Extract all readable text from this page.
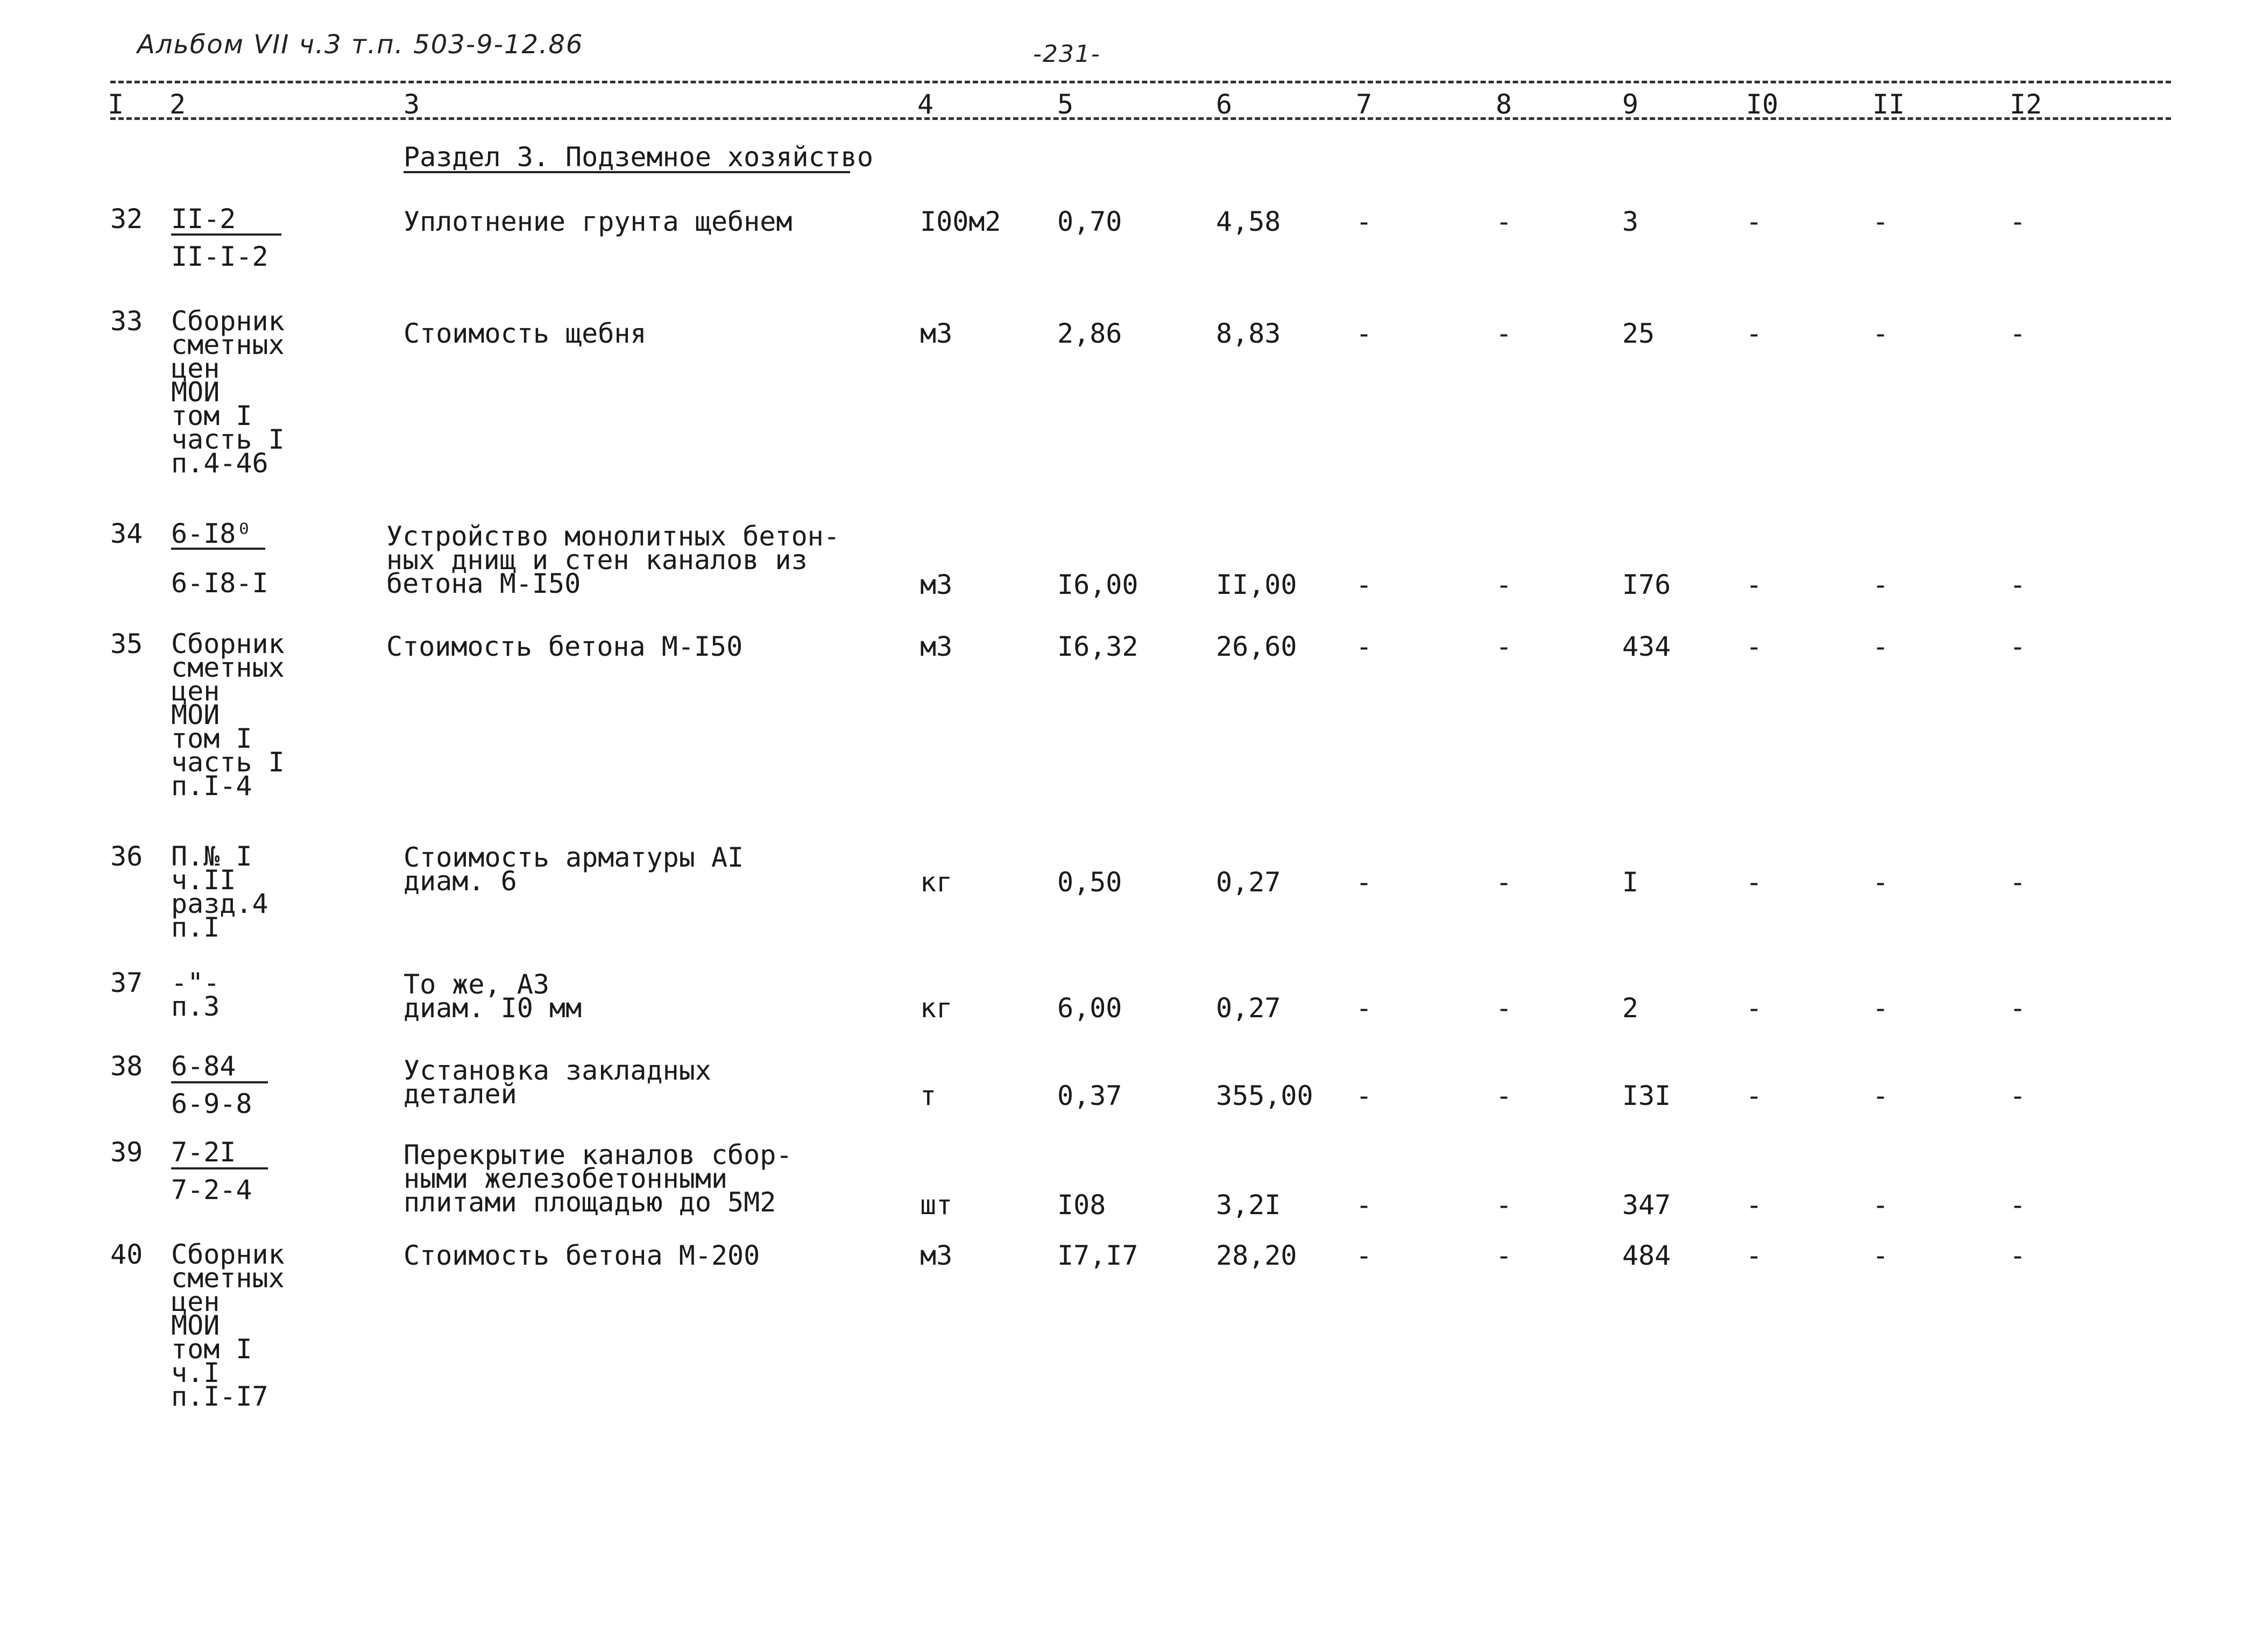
Альбом VII ч.3 т.п. 503-9-12.86	-231-
I 2	3	4	5	6	7	8	9	I0	II	I2
Раздел 3. Подземное хозяйство
32 II-2
II-I-2
Уплотнение грунта щебнем	I00м2 0,70	4,58	-	-	3	-	-	-
33 Сборник
сметных
цен
МОИ
том I
часть I
п.4-46
Стоимость щебня	м3	2,86	8,83	-	-	25	-	-	-
34 6-I8⁰
6-I8-I
Устройство монолитных бетон-
ных днищ и стен каналов из
бетона М-I50	м3	I6,00	II,00 -	-	I76	-	-	-
35 Сборник
сметных
цен
МОИ
том I
часть I
п.I-4
Стоимость бетона М-I50	м3	I6,32	26,60 -	-	434	-	-	-
36 П.№ I
ч.II
разд.4
п.I
Стоимость арматуры АI
диам. 6	кг	0,50	0,27	-	-	I	-	-	-
37 -"-
п.3
То же, А3
диам. I0 мм	кг	6,00	0,27	-	-	2	-	-	-
38 6-84
6-9-8
Установка закладных
деталей	т	0,37	355,00 -	-	I3I	-	-	-
39 7-2I
7-2-4
Перекрытие каналов сбор-
ными железобетонными
плитами площадью до 5М2	шт	I08	3,2I	-	-	347	-	-	-
40 Сборник
сметных
цен
МОИ
том I
ч.I
п.I-I7
Стоимость бетона М-200	м3	I7,I7	28,20 -	-	484	-	-	-
